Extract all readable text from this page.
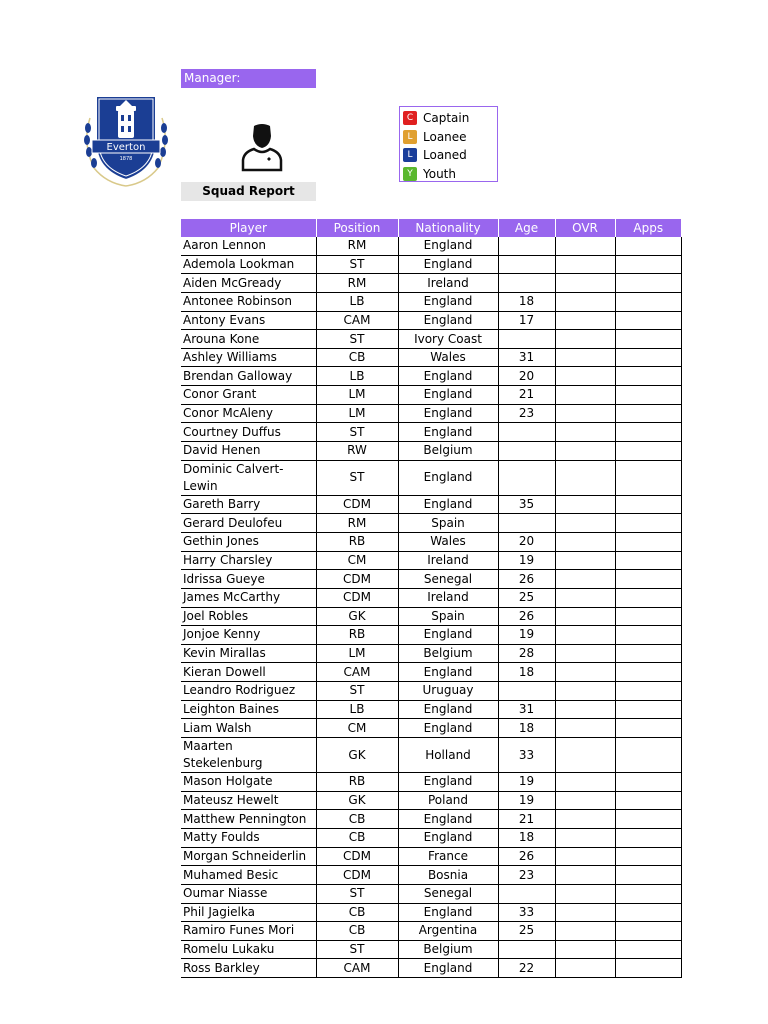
Manager:
Everton
1878
Squad Report
C Captain
L Loanee
L Loaned
Y Youth
Player	Position	Nationality	Age	OVR	Apps
Aaron Lennon	RM	England			
Ademola Lookman	ST	England			
Aiden McGready	RM	Ireland			
Antonee Robinson	LB	England	18		
Antony Evans	CAM	England	17		
Arouna Kone	ST	Ivory Coast			
Ashley Williams	CB	Wales	31		
Brendan Galloway	LB	England	20		
Conor Grant	LM	England	21		
Conor McAleny	LM	England	23		
Courtney Duffus	ST	England			
David Henen	RW	Belgium			
Dominic Calvert-Lewin	ST	England			
Gareth Barry	CDM	England	35		
Gerard Deulofeu	RM	Spain			
Gethin Jones	RB	Wales	20		
Harry Charsley	CM	Ireland	19		
Idrissa Gueye	CDM	Senegal	26		
James McCarthy	CDM	Ireland	25		
Joel Robles	GK	Spain	26		
Jonjoe Kenny	RB	England	19		
Kevin Mirallas	LM	Belgium	28		
Kieran Dowell	CAM	England	18		
Leandro Rodriguez	ST	Uruguay			
Leighton Baines	LB	England	31		
Liam Walsh	CM	England	18		
Maarten Stekelenburg	GK	Holland	33		
Mason Holgate	RB	England	19		
Mateusz Hewelt	GK	Poland	19		
Matthew Pennington	CB	England	21		
Matty Foulds	CB	England	18		
Morgan Schneiderlin	CDM	France	26		
Muhamed Besic	CDM	Bosnia	23		
Oumar Niasse	ST	Senegal			
Phil Jagielka	CB	England	33		
Ramiro Funes Mori	CB	Argentina	25		
Romelu Lukaku	ST	Belgium			
Ross Barkley	CAM	England	22		
